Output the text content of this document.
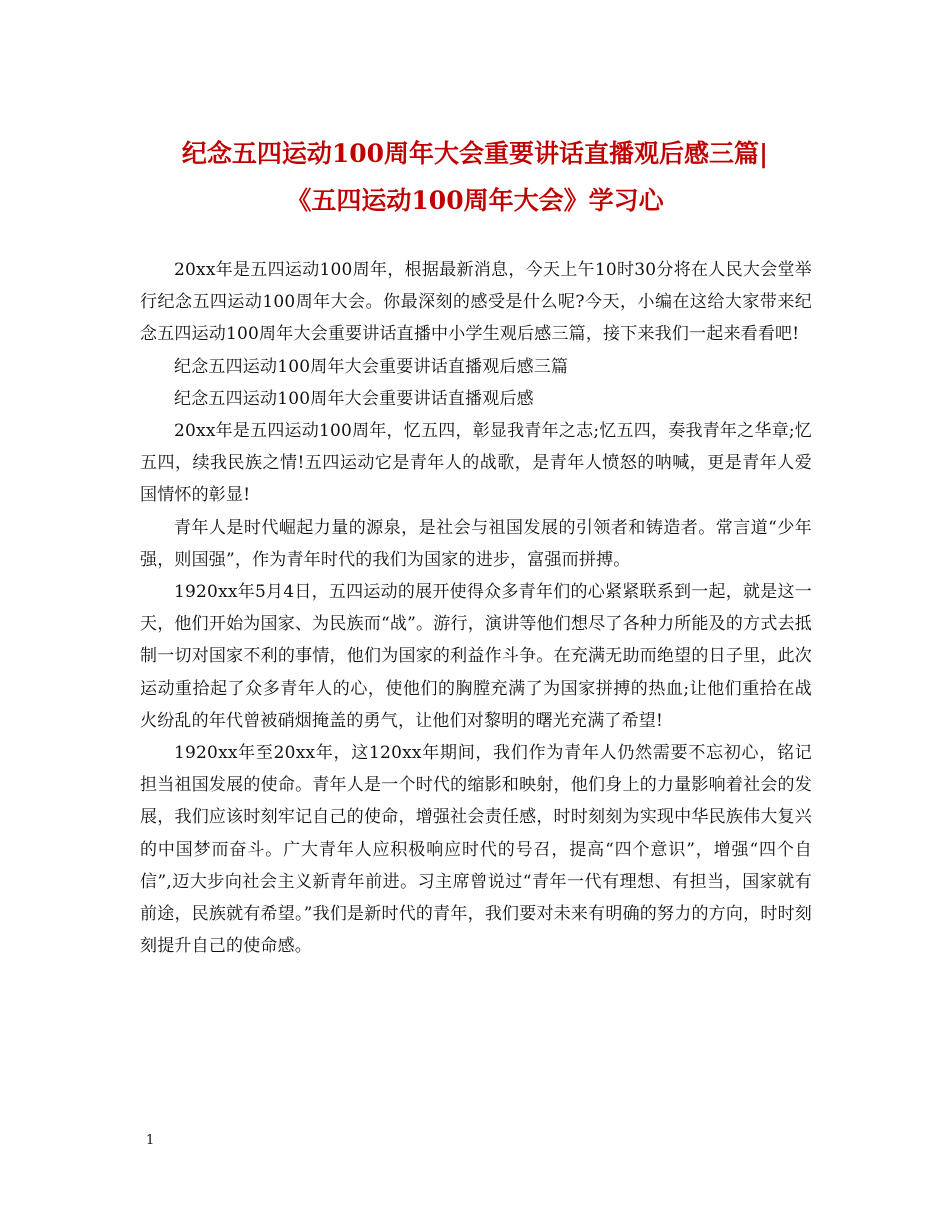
纪念五四运动100周年大会重要讲话直播观后感三篇|
《五四运动100周年大会》学习心

20xx年是五四运动100周年，根据最新消息，今天上午10时30分将在人民大会堂举行纪念五四运动100周年大会。你最深刻的感受是什么呢?今天，小编在这给大家带来纪念五四运动100周年大会重要讲话直播中小学生观后感三篇，接下来我们一起来看看吧!

纪念五四运动100周年大会重要讲话直播观后感三篇

纪念五四运动100周年大会重要讲话直播观后感

20xx年是五四运动100周年，忆五四，彰显我青年之志;忆五四，奏我青年之华章;忆五四，续我民族之情!五四运动它是青年人的战歌，是青年人愤怒的呐喊，更是青年人爱国情怀的彰显!

青年人是时代崛起力量的源泉，是社会与祖国发展的引领者和铸造者。常言道“少年强，则国强”，作为青年时代的我们为国家的进步，富强而拼搏。

1920xx年5月4日，五四运动的展开使得众多青年们的心紧紧联系到一起，就是这一天，他们开始为国家、为民族而“战”。游行，演讲等他们想尽了各种力所能及的方式去抵制一切对国家不利的事情，他们为国家的利益作斗争。在充满无助而绝望的日子里，此次运动重拾起了众多青年人的心，使他们的胸膛充满了为国家拼搏的热血;让他们重拾在战火纷乱的年代曾被硝烟掩盖的勇气，让他们对黎明的曙光充满了希望!

1920xx年至20xx年，这120xx年期间，我们作为青年人仍然需要不忘初心，铭记担当祖国发展的使命。青年人是一个时代的缩影和映射，他们身上的力量影响着社会的发展，我们应该时刻牢记自己的使命，增强社会责任感，时时刻刻为实现中华民族伟大复兴的中国梦而奋斗。广大青年人应积极响应时代的号召，提高“四个意识”，增强“四个自信”,迈大步向社会主义新青年前进。习主席曾说过“青年一代有理想、有担当，国家就有前途，民族就有希望。”我们是新时代的青年，我们要对未来有明确的努力的方向，时时刻刻提升自己的使命感。

1
